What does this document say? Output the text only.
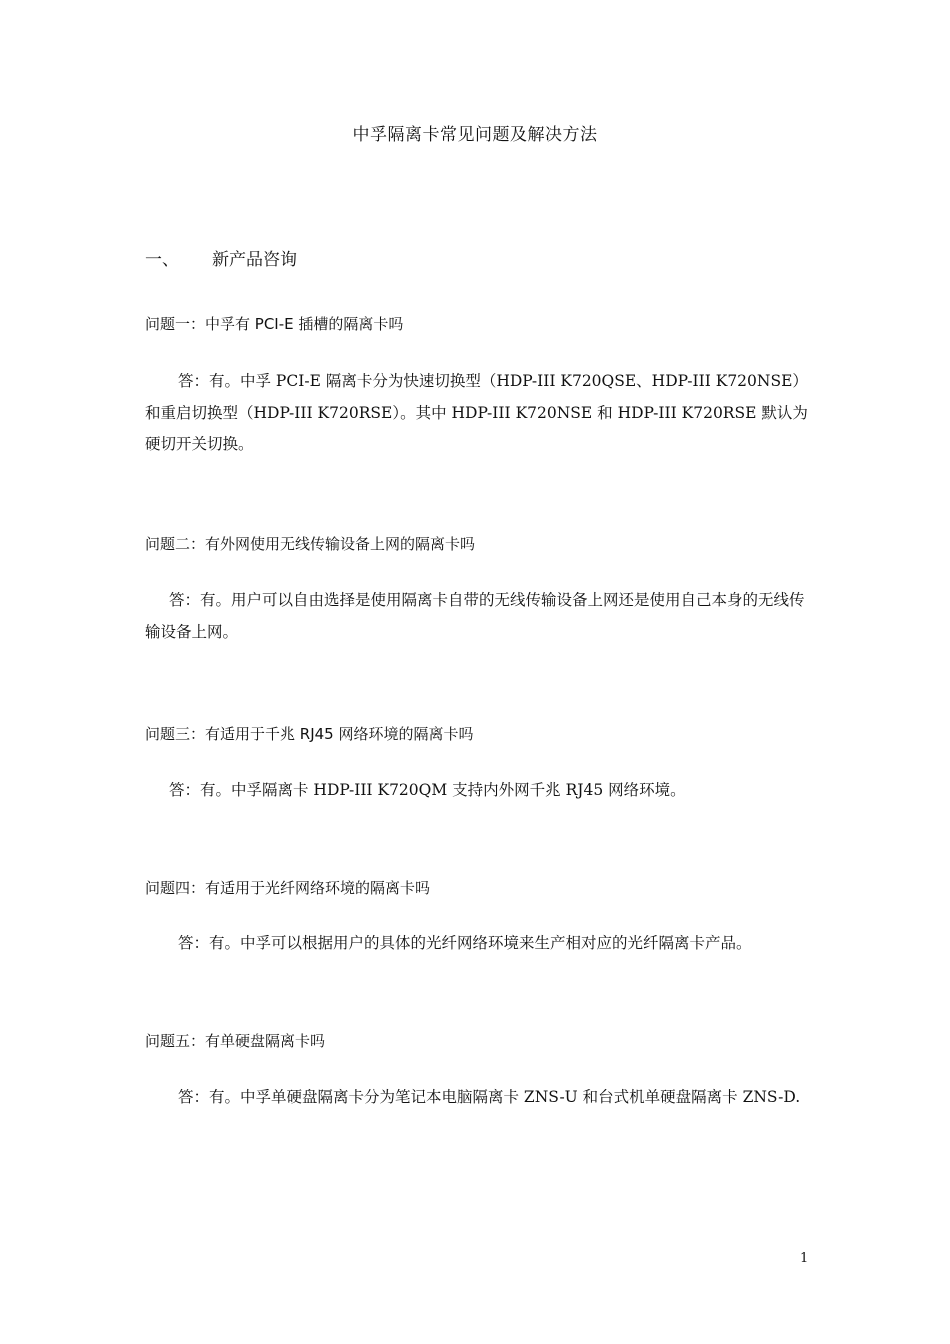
中孚隔离卡常见问题及解决方法
一、	新产品咨询
问题一：中孚有 PCI-E 插槽的隔离卡吗
答：有。中孚 PCI-E 隔离卡分为快速切换型（HDP-III K720QSE、HDP-III K720NSE）和重启切换型（HDP-III K720RSE）。其中 HDP-III K720NSE 和 HDP-III K720RSE 默认为硬切开关切换。
问题二：有外网使用无线传输设备上网的隔离卡吗
答：有。用户可以自由选择是使用隔离卡自带的无线传输设备上网还是使用自己本身的无线传输设备上网。
问题三：有适用于千兆 RJ45 网络环境的隔离卡吗
答：有。中孚隔离卡 HDP-III K720QM 支持内外网千兆 RJ45 网络环境。
问题四：有适用于光纤网络环境的隔离卡吗
答：有。中孚可以根据用户的具体的光纤网络环境来生产相对应的光纤隔离卡产品。
问题五：有单硬盘隔离卡吗
答：有。中孚单硬盘隔离卡分为笔记本电脑隔离卡 ZNS-U 和台式机单硬盘隔离卡 ZNS-D.
1
